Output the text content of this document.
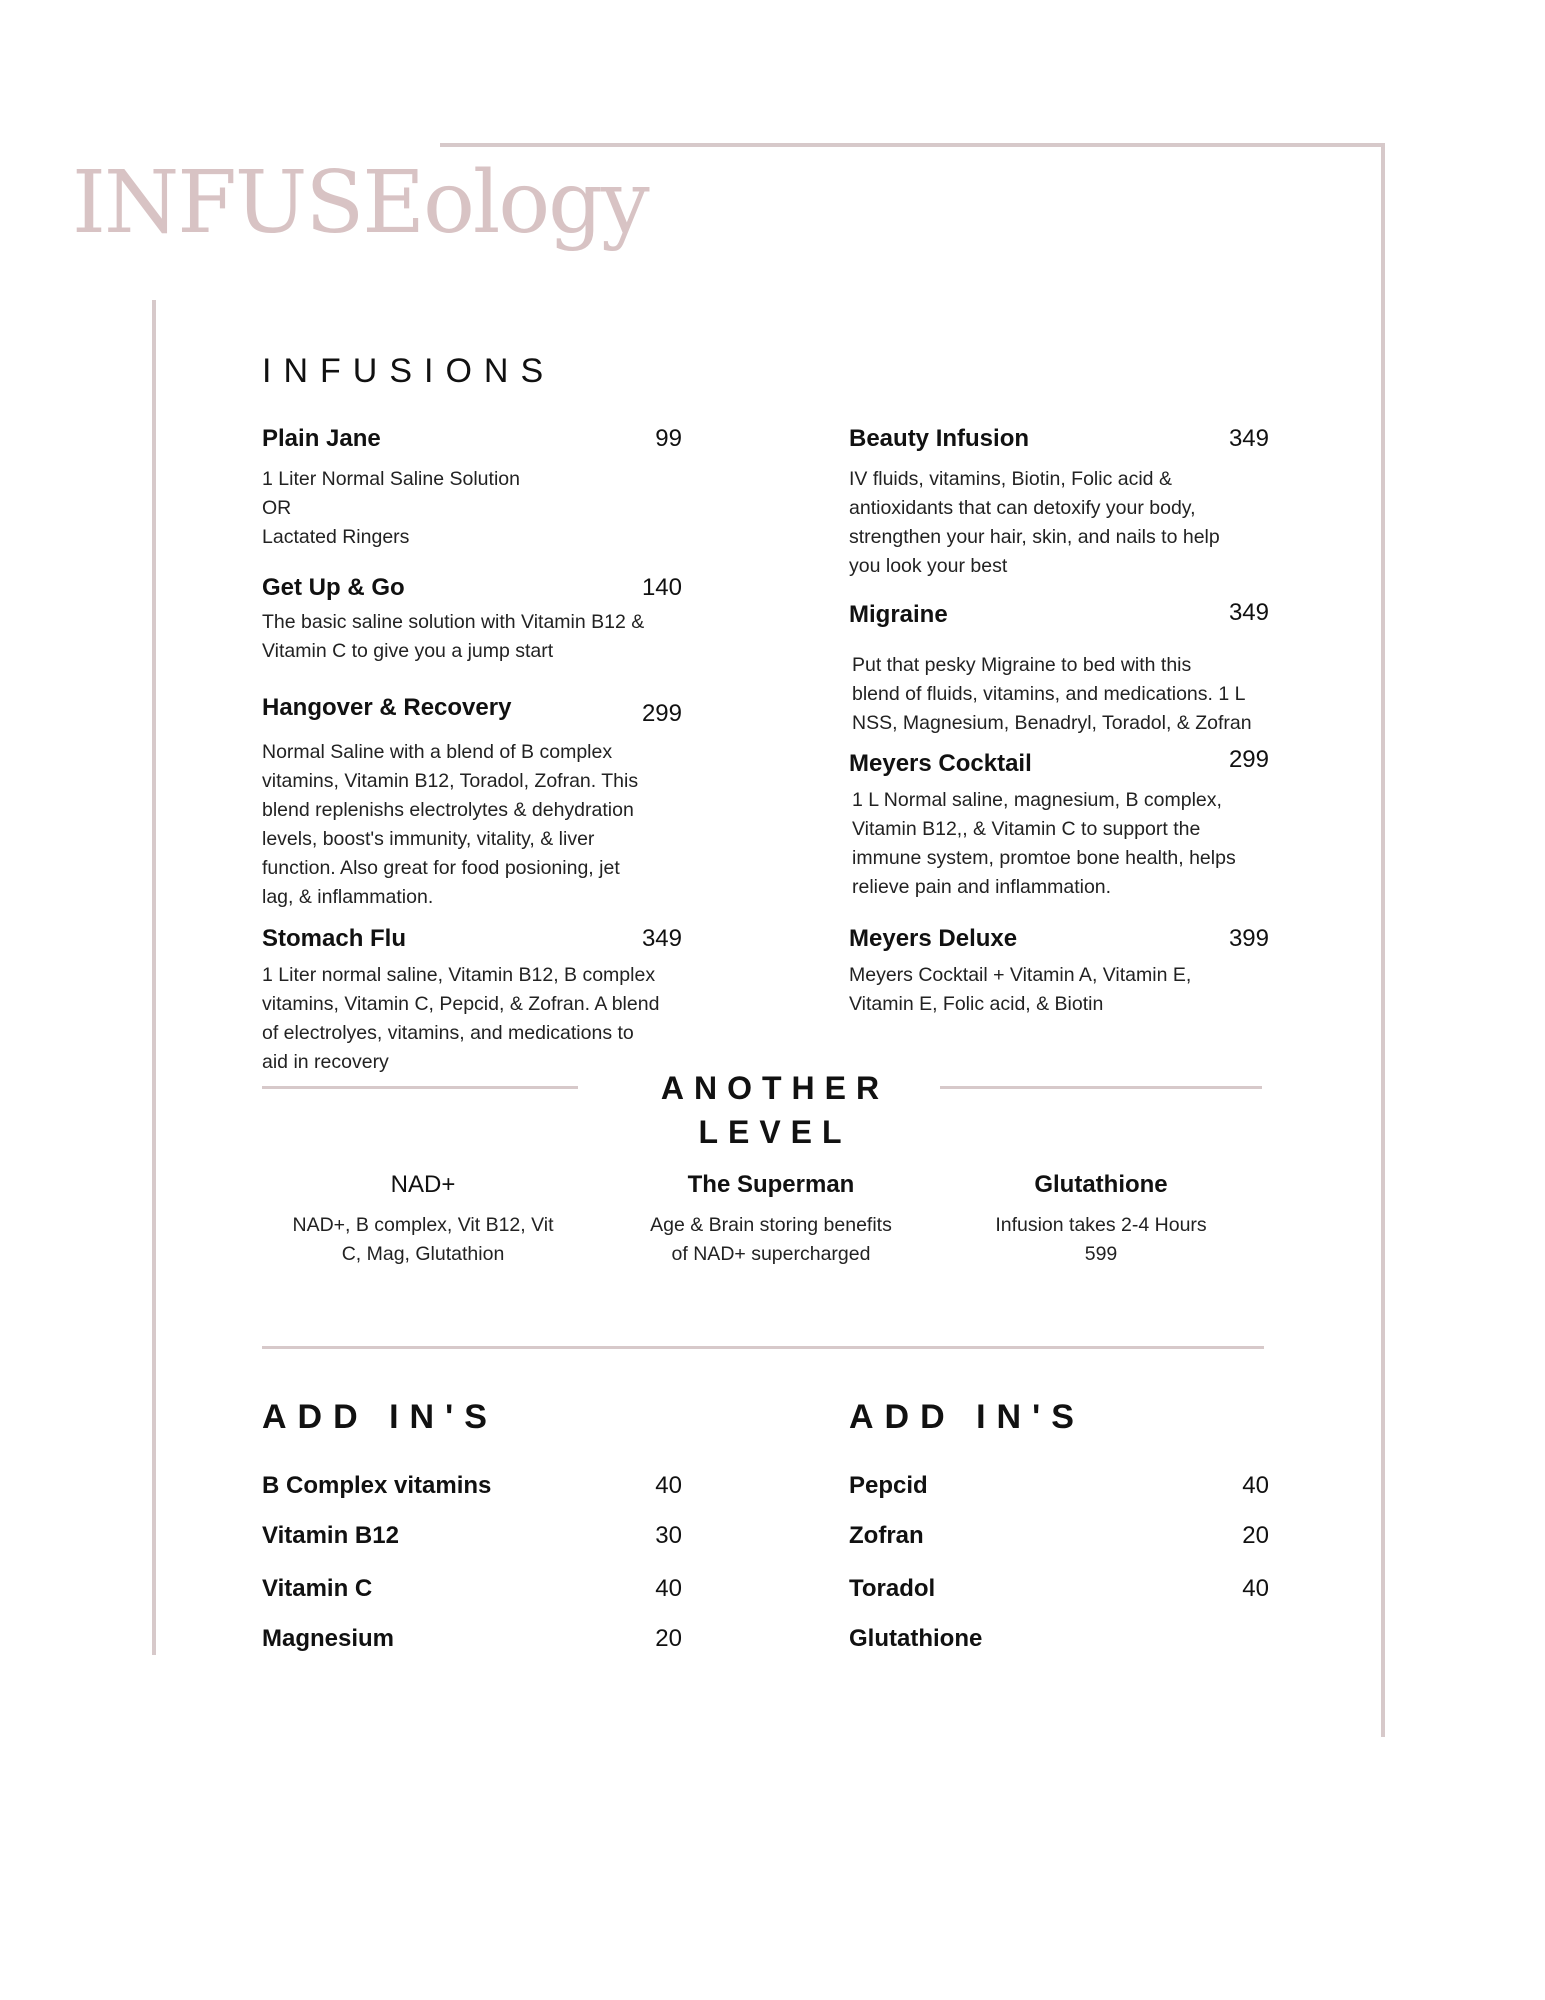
INFUSEology
INFUSIONS
Plain Jane	99
1 Liter Normal Saline Solution
OR
Lactated Ringers
Get Up & Go	140
The basic saline solution with Vitamin B12 &
Vitamin C to give you a jump start
Hangover & Recovery	299
Normal Saline with a blend of B complex
vitamins, Vitamin B12, Toradol, Zofran. This
blend replenishs electrolytes & dehydration
levels, boost's immunity, vitality, & liver
function. Also great for food posioning, jet
lag, & inflammation.
Stomach Flu	349
1 Liter normal saline, Vitamin B12, B complex
vitamins, Vitamin C, Pepcid, & Zofran. A blend
of electrolyes, vitamins, and medications to
aid in recovery
Beauty Infusion	349
IV fluids, vitamins, Biotin, Folic acid &
antioxidants that can detoxify your body,
strengthen your hair, skin, and nails to help
you look your best
Migraine	349
Put that pesky Migraine to bed with this
blend of fluids, vitamins, and medications. 1 L
NSS, Magnesium, Benadryl, Toradol, & Zofran
Meyers Cocktail	299
1 L Normal saline, magnesium, B complex,
Vitamin B12,, & Vitamin C to support the
immune system, promtoe bone health, helps
relieve pain and inflammation.
Meyers Deluxe	399
Meyers Cocktail + Vitamin A, Vitamin E,
Vitamin E, Folic acid, & Biotin
ANOTHER
LEVEL
NAD+
NAD+, B complex, Vit B12, Vit
C, Mag, Glutathion
The Superman
Age & Brain storing benefits
of NAD+ supercharged
Glutathione
Infusion takes 2-4 Hours
599
ADD IN'S	ADD IN'S
B Complex vitamins	40
Vitamin B12	30
Vitamin C	40
Magnesium	20
Pepcid	40
Zofran	20
Toradol	40
Glutathione
